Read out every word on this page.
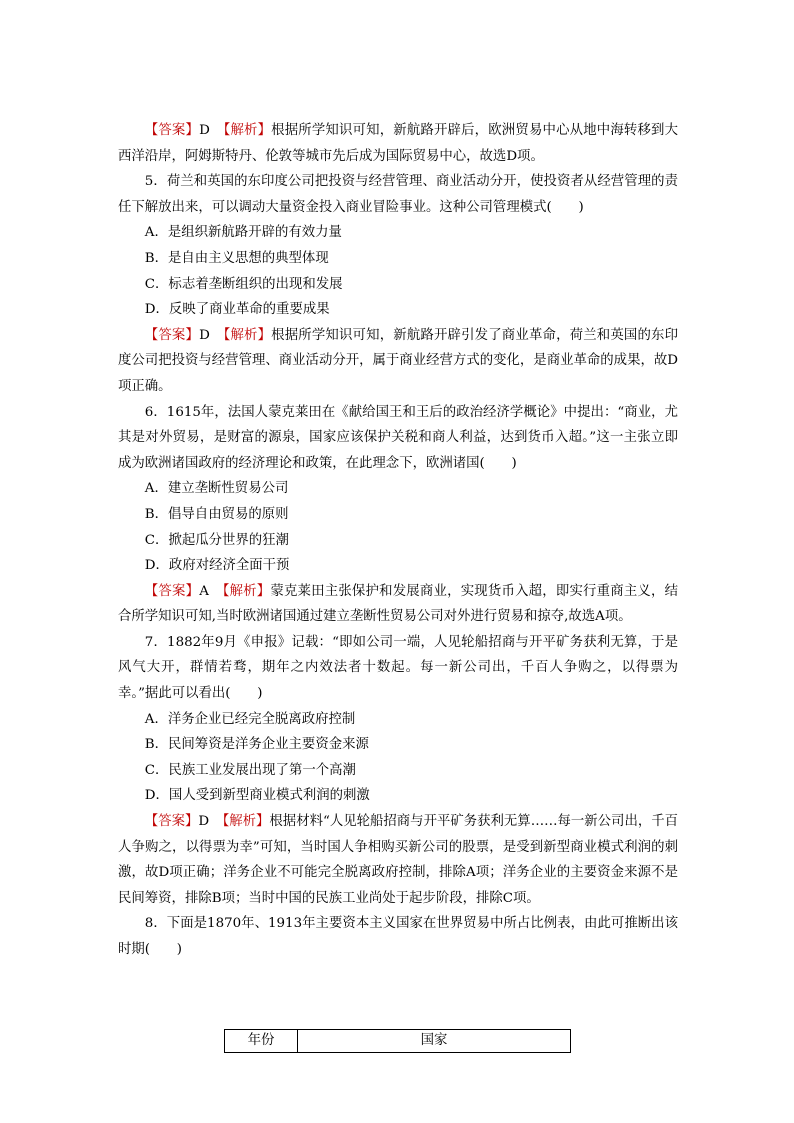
【答案】D　 【解析】根据所学知识可知，新航路开辟后，欧洲贸易中心从地中海转移到大西洋沿岸，阿姆斯特丹、伦敦等城市先后成为国际贸易中心，故选D项。

5．荷兰和英国的东印度公司把投资与经营管理、商业活动分开，使投资者从经营管理的责任下解放出来，可以调动大量资金投入商业冒险事业。这种公司管理模式(　　)

A．是组织新航路开辟的有效力量

B．是自由主义思想的典型体现

C．标志着垄断组织的出现和发展

D．反映了商业革命的重要成果

【答案】D　 【解析】根据所学知识可知，新航路开辟引发了商业革命，荷兰和英国的东印度公司把投资与经营管理、商业活动分开，属于商业经营方式的变化，是商业革命的成果，故D项正确。

6．1615年，法国人蒙克莱田在《献给国王和王后的政治经济学概论》中提出：“商业，尤其是对外贸易，是财富的源泉，国家应该保护关税和商人利益，达到货币入超。”这一主张立即成为欧洲诸国政府的经济理论和政策，在此理念下，欧洲诸国(　　)

A．建立垄断性贸易公司

B．倡导自由贸易的原则

C．掀起瓜分世界的狂潮

D．政府对经济全面干预

【答案】A　 【解析】蒙克莱田主张保护和发展商业，实现货币入超，即实行重商主义，结合所学知识可知,当时欧洲诸国通过建立垄断性贸易公司对外进行贸易和掠夺,故选A项。

7．1882年9月《申报》记载：“即如公司一端，人见轮船招商与开平矿务获利无算，于是风气大开，群情若骛，期年之内效法者十数起。每一新公司出，千百人争购之，以得票为幸。”据此可以看出(　　)

A．洋务企业已经完全脱离政府控制

B．民间筹资是洋务企业主要资金来源

C．民族工业发展出现了第一个高潮

D．国人受到新型商业模式利润的刺激

【答案】D　 【解析】根据材料“人见轮船招商与开平矿务获利无算……每一新公司出，千百人争购之，以得票为幸”可知，当时国人争相购买新公司的股票，是受到新型商业模式利润的刺激，故D项正确；洋务企业不可能完全脱离政府控制，排除A项；洋务企业的主要资金来源不是民间筹资，排除B项；当时中国的民族工业尚处于起步阶段，排除C项。

8．下面是1870年、1913年主要资本主义国家在世界贸易中所占比例表，由此可推断出该时期(　　)

年份	国家
